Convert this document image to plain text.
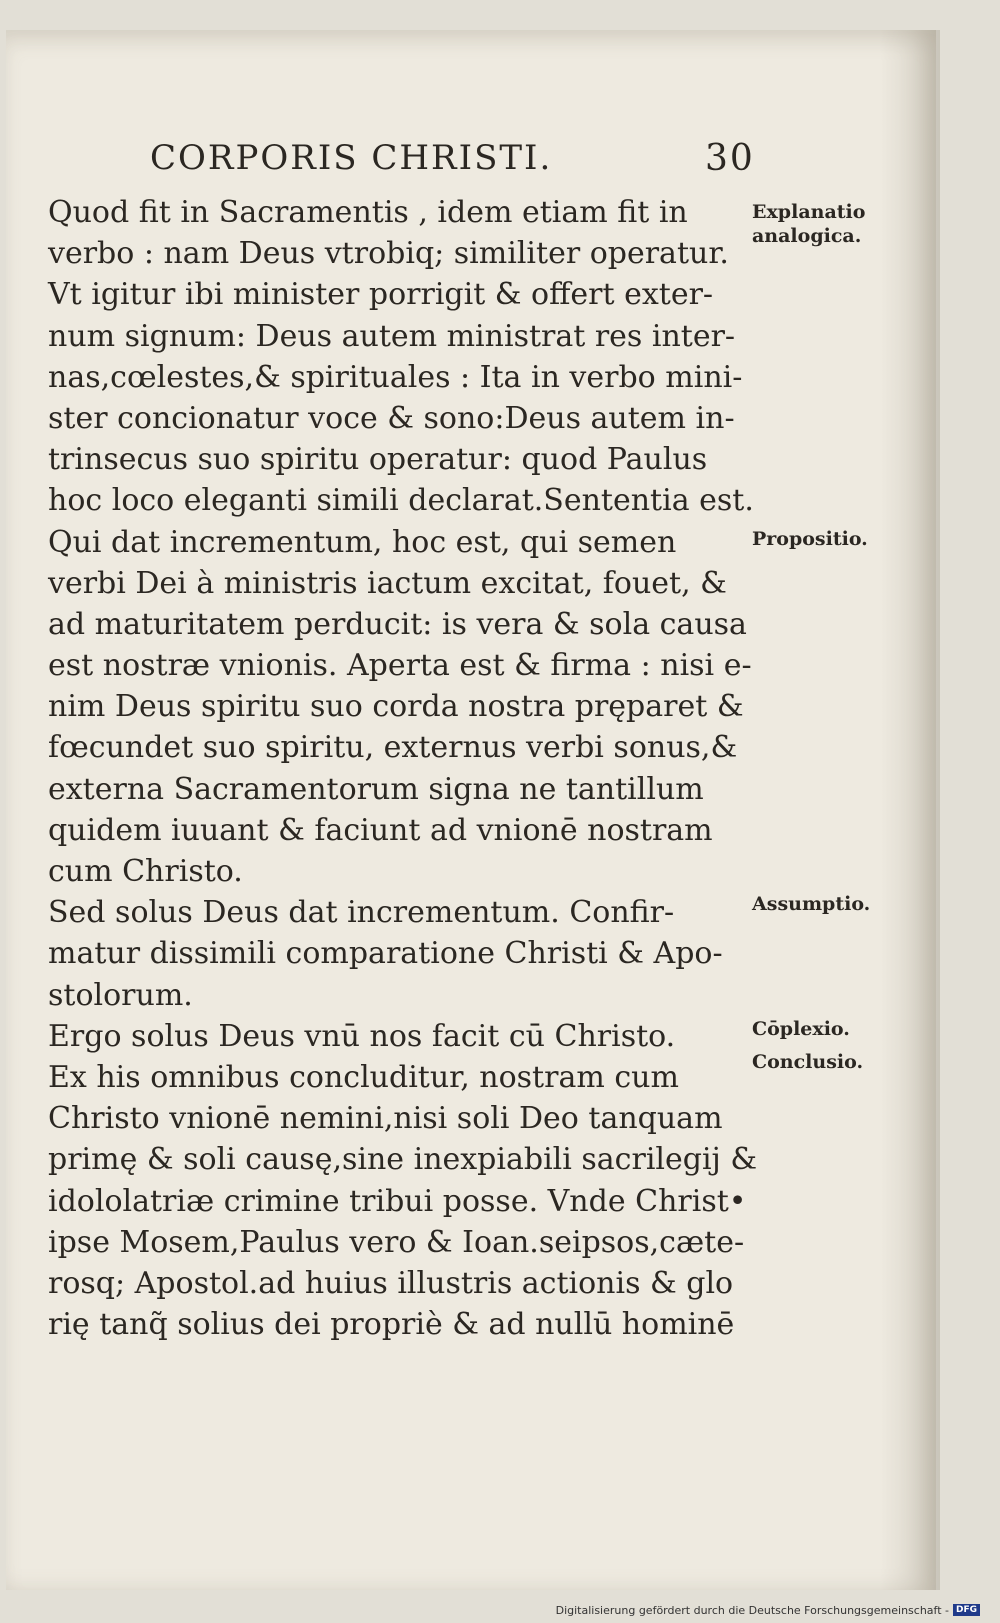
CORPORIS CHRISTI.	30
Quod fit in Sacramentis , idem etiam fit in
verbo : nam Deus vtrobiq; similiter operatur.
Vt igitur ibi minister porrigit & offert exter-
num signum: Deus autem ministrat res inter-
nas,cœlestes,& spirituales : Ita in verbo mini-
ster concionatur voce & sono:Deus autem in-
trinsecus suo spiritu operatur: quod Paulus
hoc loco eleganti simili declarat.Sententia est.
Qui dat incrementum, hoc est, qui semen
verbi Dei à ministris iactum excitat, fouet, &
ad maturitatem perducit: is vera & sola causa
est nostræ vnionis. Aperta est & firma : nisi e-
nim Deus spiritu suo corda nostra pręparet &
fœcundet suo spiritu, externus verbi sonus,&
externa Sacramentorum signa ne tantillum
quidem iuuant & faciunt ad vnionē nostram
cum Christo.
Sed solus Deus dat incrementum. Confir-
matur dissimili comparatione Christi & Apo-
stolorum.
Ergo solus Deus vnū nos facit cū Christo.
Ex his omnibus concluditur, nostram cum
Christo vnionē nemini,nisi soli Deo tanquam
primę & soli causę,sine inexpiabili sacrilegij &
idololatriæ crimine tribui posse. Vnde Christ•
ipse Mosem,Paulus vero & Ioan.seipsos,cæte-
rosq; Apostol.ad huius illustris actionis & glo
rię tanq̃ solius dei propriè & ad nullū hominē
Explanatio
analogica.
Propositio.
Assumptio.
Cōplexio.
Conclusio.
Digitalisierung gefördert durch die Deutsche Forschungsgemeinschaft - DFG
